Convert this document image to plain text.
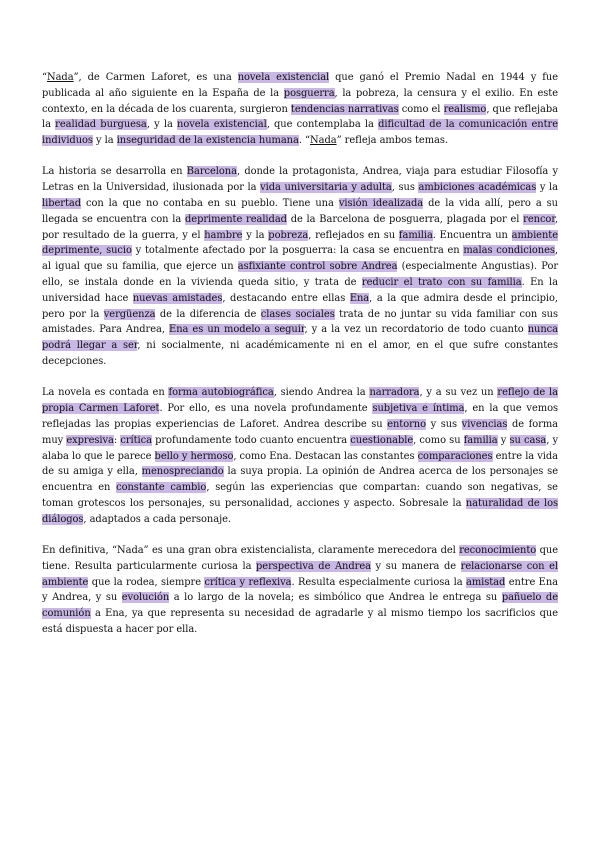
“Nada”, de Carmen Laforet, es una novela existencial que ganó el Premio Nadal en 1944 y fue publicada al año siguiente en la España de la posguerra, la pobreza, la censura y el exilio. En este contexto, en la década de los cuarenta, surgieron tendencias narrativas como el realismo, que reflejaba la realidad burguesa, y la novela existencial, que contemplaba la dificultad de la comunicación entre individuos y la inseguridad de la existencia humana. “Nada” refleja ambos temas.

La historia se desarrolla en Barcelona, donde la protagonista, Andrea, viaja para estudiar Filosofía y Letras en la Universidad, ilusionada por la vida universitaria y adulta, sus ambiciones académicas y la libertad con la que no contaba en su pueblo. Tiene una visión idealizada de la vida allí, pero a su llegada se encuentra con la deprimente realidad de la Barcelona de posguerra, plagada por el rencor, por resultado de la guerra, y el hambre y la pobreza, reflejados en su familia. Encuentra un ambiente deprimente, sucio y totalmente afectado por la posguerra: la casa se encuentra en malas condiciones, al igual que su familia, que ejerce un asfixiante control sobre Andrea (especialmente Angustias). Por ello, se instala donde en la vivienda queda sitio, y trata de reducir el trato con su familia. En la universidad hace nuevas amistades, destacando entre ellas Ena, a la que admira desde el principio, pero por la vergüenza de la diferencia de clases sociales trata de no juntar su vida familiar con sus amistades. Para Andrea, Ena es un modelo a seguir, y a la vez un recordatorio de todo cuanto nunca podrá llegar a ser, ni socialmente, ni académicamente ni en el amor, en el que sufre constantes decepciones.

La novela es contada en forma autobiográfica, siendo Andrea la narradora, y a su vez un reflejo de la propia Carmen Laforet. Por ello, es una novela profundamente subjetiva e íntima, en la que vemos reflejadas las propias experiencias de Laforet. Andrea describe su entorno y sus vivencias de forma muy expresiva: crítica profundamente todo cuanto encuentra cuestionable, como su familia y su casa, y alaba lo que le parece bello y hermoso, como Ena. Destacan las constantes comparaciones entre la vida de su amiga y ella, menospreciando la suya propia. La opinión de Andrea acerca de los personajes se encuentra en constante cambio, según las experiencias que compartan: cuando son negativas, se toman grotescos los personajes, su personalidad, acciones y aspecto. Sobresale la naturalidad de los diálogos, adaptados a cada personaje.

En definitiva, “Nada” es una gran obra existencialista, claramente merecedora del reconocimiento que tiene. Resulta particularmente curiosa la perspectiva de Andrea y su manera de relacionarse con el ambiente que la rodea, siempre crítica y reflexiva. Resulta especialmente curiosa la amistad entre Ena y Andrea, y su evolución a lo largo de la novela; es simbólico que Andrea le entrega su pañuelo de comunión a Ena, ya que representa su necesidad de agradarle y al mismo tiempo los sacrificios que está dispuesta a hacer por ella.
